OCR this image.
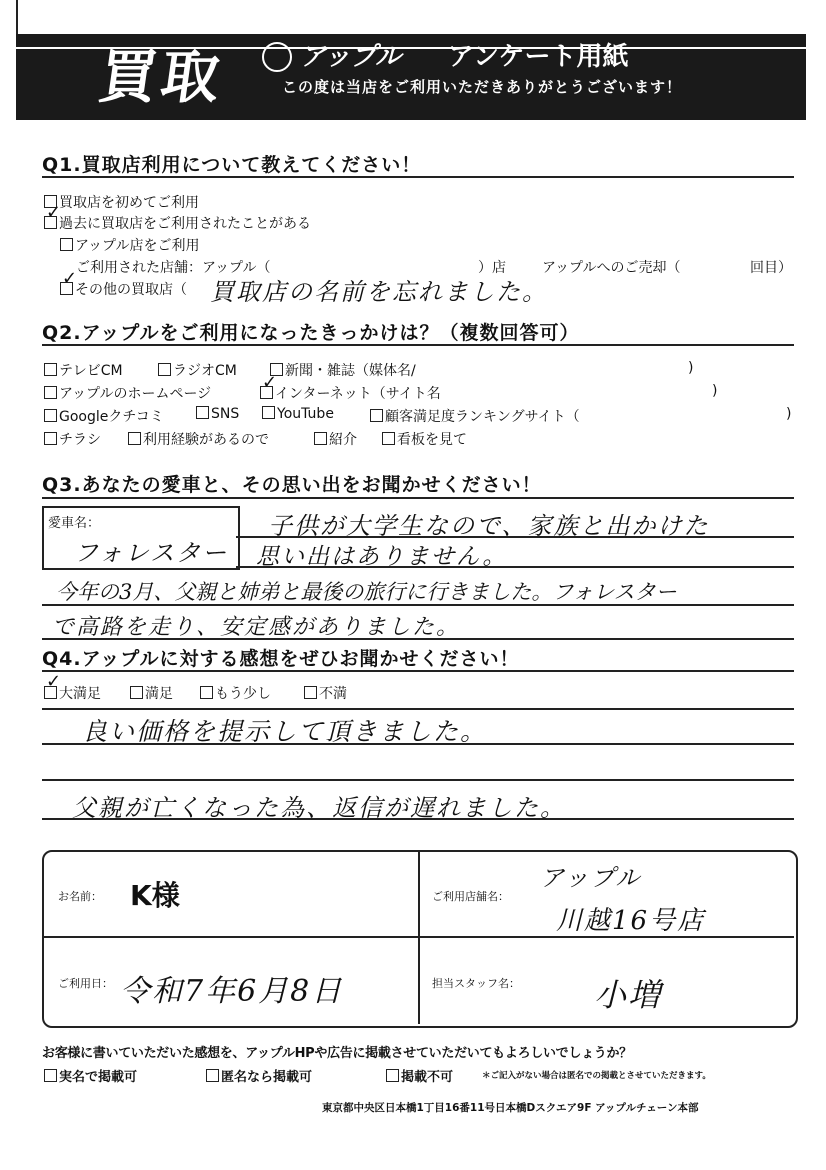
買取	アップル アンケート用紙
この度は当店をご利用いただきありがとうございます！
Q1.買取店利用について教えてください！
買取店を初めてご利用
過去に買取店をご利用されたことがある
✓
アップル店をご利用
ご利用された店舗：アップル（	）店	アップルへのご売却（	回目）
その他の買取店（
✓	買取店の名前を忘れました。
Q2.アップルをご利用になったきっかけは？（複数回答可）
テレビCM	ラジオCM	新聞・雑誌（媒体名/	)
アップルのホームページ	インターネット（サイト名
✓	)
Googleクチコミ	SNS	YouTube	顧客満足度ランキングサイト（	)
チラシ	利用経験があるので	紹介	看板を見て
Q3.あなたの愛車と、その思い出をお聞かせください！
愛車名：
フォレスター
子供が大学生なので、家族と出かけた
思い出はありません。
今年の3月、父親と姉弟と最後の旅行に行きました。フォレスター
で高路を走り、安定感がありました。
Q4.アップルに対する感想をぜひお聞かせください！
大満足
✓
満足	もう少し	不満
良い価格を提示して頂きました。
父親が亡くなった為、返信が遅れました。
お名前： K様	ご利用店舗名：
アップル
川越16号店
ご利用日： 令和7年6月8日	担当スタッフ名： 小増
お客様に書いていただいた感想を、アップルHPや広告に掲載させていただいてもよろしいでしょうか？
実名で掲載可	匿名なら掲載可	掲載不可	＊ご記入がない場合は匿名での掲載とさせていただきます。
東京都中央区日本橋1丁目16番11号日本橋Dスクエア9F アップルチェーン本部
